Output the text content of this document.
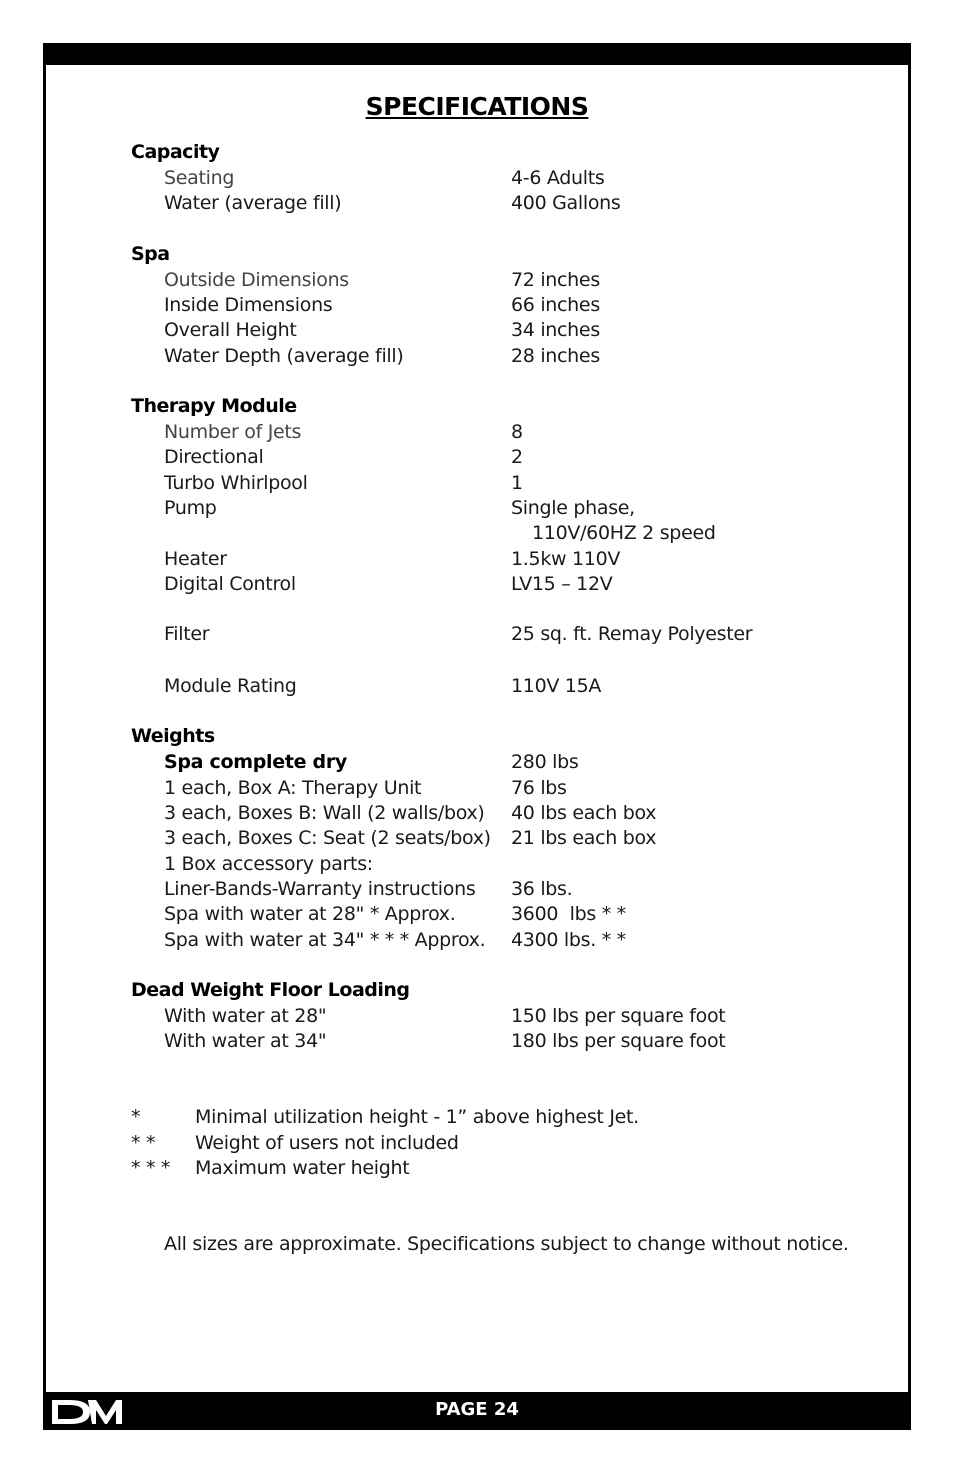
SPECIFICATIONS
Capacity
Seating	4-6 Adults
Water (average fill)	400 Gallons
Spa
Outside Dimensions	72 inches
Inside Dimensions	66 inches
Overall Height	34 inches
Water Depth (average fill)	28 inches
Therapy Module
Number of Jets	8
Directional	2
Turbo Whirlpool	1
Pump	Single phase,
110V/60HZ 2 speed
Heater	1.5kw 110V
Digital Control	LV15 – 12V
Filter	25 sq. ft. Remay Polyester
Module Rating	110V 15A
Weights
Spa complete dry	280 lbs
1 each, Box A: Therapy Unit	76 lbs
3 each, Boxes B: Wall (2 walls/box) 40 lbs each box
3 each, Boxes C: Seat (2 seats/box) 21 lbs each box
1 Box accessory parts:
Liner-Bands-Warranty instructions 36 lbs.
Spa with water at 28" * Approx.	3600  lbs * *
Spa with water at 34" * * * Approx. 4300 lbs. * *
Dead Weight Floor Loading
With water at 28"	150 lbs per square foot
With water at 34"	180 lbs per square foot
*	Minimal utilization height - 1” above highest Jet.
* * Weight of users not included
* * * Maximum water height
All sizes are approximate. Specifications subject to change without notice.
PAGE 24
